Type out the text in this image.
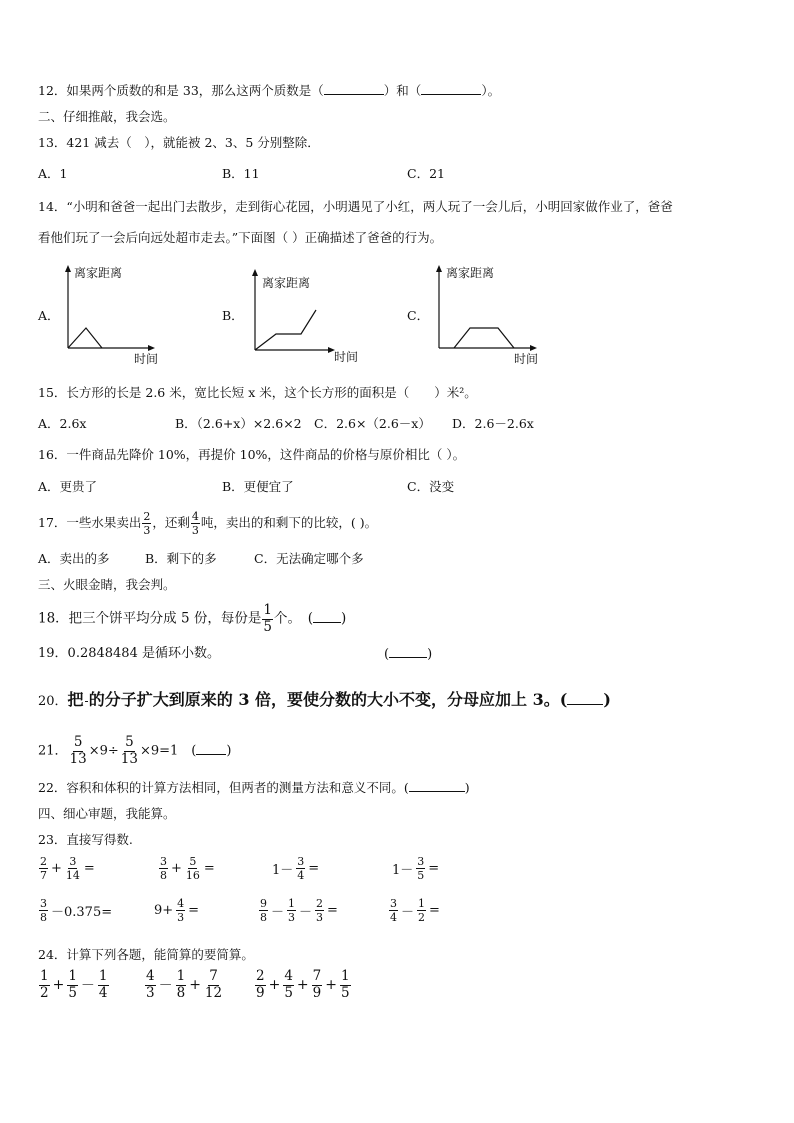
12．如果两个质数的和是 33，那么这两个质数是（	）和（	）。
二、仔细推敲，我会选。
13．421 减去（　），就能被 2、3、5 分别整除．
A．1	B．11	C．21
14．“小明和爸爸一起出门去散步，走到街心花园，小明遇见了小红，两人玩了一会儿后，小明回家做作业了，爸爸
看他们玩了一会后向远处超市走去。”下面图（ ）正确描述了爸爸的行为。
A．
离家距离
时间
B．
离家距离
时间
C．
离家距离
时间
15．长方形的长是 2.6 米，宽比长短 x 米，这个长方形的面积是（　　）米²。
A．2.6x	B．（2.6+x）×2.6×2 C．2.6×（2.6－x） D．2.6－2.6x
16．一件商品先降价 10%，再提价 10%，这件商品的价格与原价相比（ ）。
A．更贵了	B．更便宜了	C．没变
17．一些水果卖出 $\frac{2}{3}$ ，还剩 $\frac{4}{3}$ 吨，卖出的和剩下的比较，( )。
A．卖出的多	B．剩下的多	C．无法确定哪个多
三、火眼金睛，我会判。
18．把三个饼平均分成 5 份，每份是 $\frac{1}{5}$ 个。　( )
19．0.2848484 是循环小数。	(	)
20．把

  的分子扩大到原来的 3 倍，要使分数的大小不变，分母应加上 3。( )
21． $\frac{5}{13} \times 9\div \frac{5}{13} \times 9=1$　( )
22．容积和体积的计算方法相同，但两者的测量方法和意义不同。(	)
四、细心审题，我能算。
23．直接写得数.
$\frac{2}{7} + \frac{3}{14}$ =	$\frac{3}{8} + \frac{5}{16}$ =	$1- \frac{3}{4}$ =	$1- \frac{3}{5}$ =
$\frac{3}{8} -0.375=$	$9+ \frac{4}{3}$ =	$\frac{9}{8} - \frac{1}{3} - \frac{2}{3}$ =	$\frac{3}{4} - \frac{1}{2}$ =
24．计算下列各题，能简算的要简算。
$\frac{1}{2} + \frac{1}{5} - \frac{1}{4}$	$\frac{4}{3} - \frac{1}{8} + \frac{7}{12} \frac{2}{9} + \frac{4}{5} + \frac{7}{9} + \frac{1}{5}$
